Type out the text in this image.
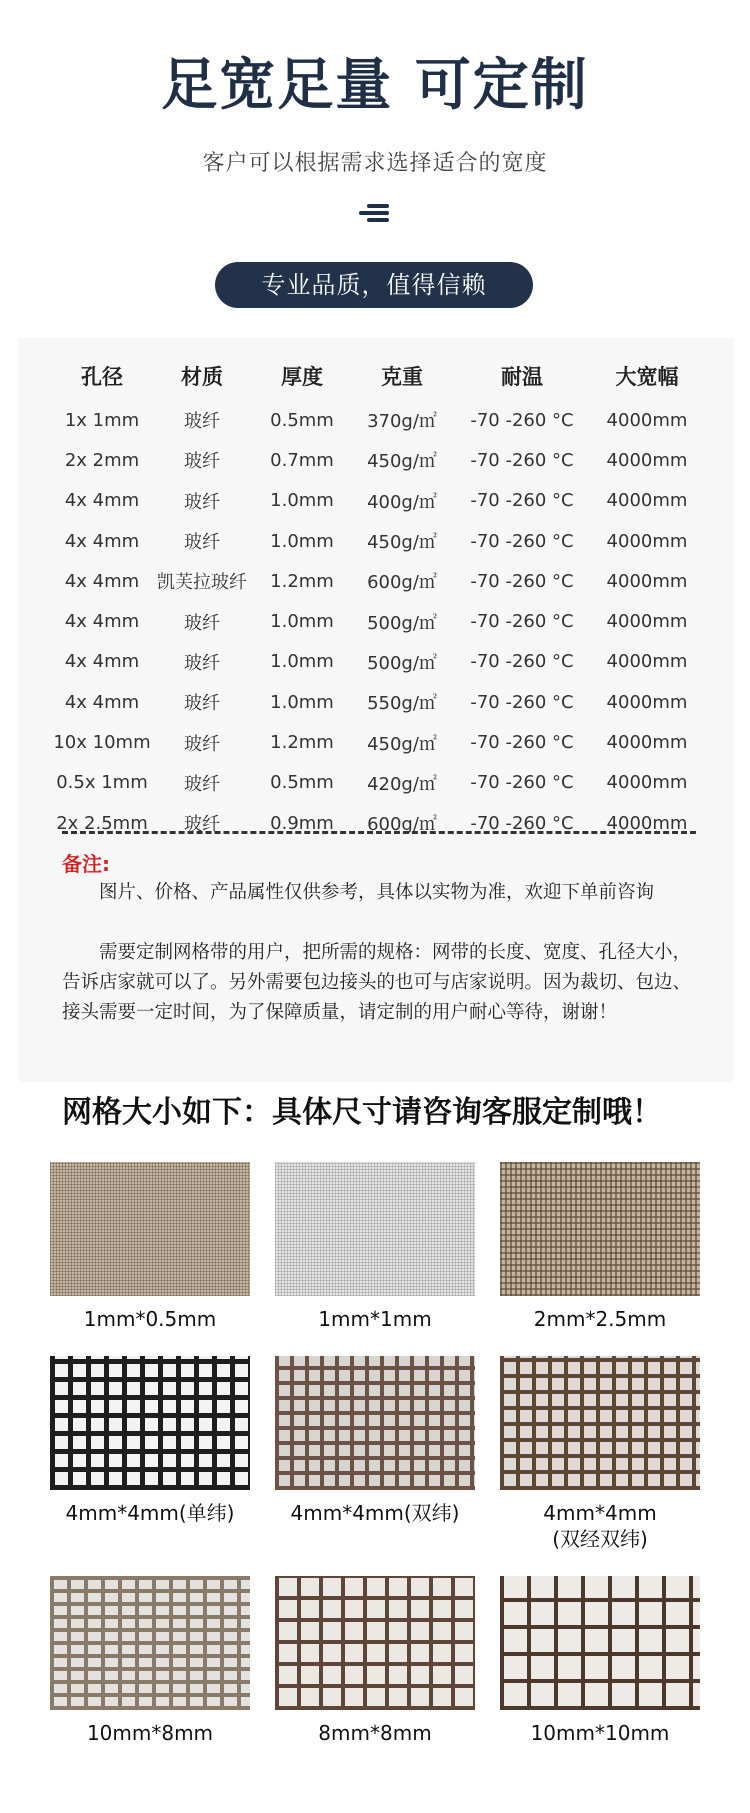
足宽足量 可定制
客户可以根据需求选择适合的宽度
专业品质，值得信赖
孔径	材质	厚度	克重	耐温	大宽幅
1x 1mm	玻纤	0.5mm	370g/㎡	-70 -260 °C	4000mm
2x 2mm	玻纤	0.7mm	450g/㎡	-70 -260 °C	4000mm
4x 4mm	玻纤	1.0mm	400g/㎡	-70 -260 °C	4000mm
4x 4mm	玻纤	1.0mm	450g/㎡	-70 -260 °C	4000mm
4x 4mm	凯芙拉玻纤	1.2mm	600g/㎡	-70 -260 °C	4000mm
4x 4mm	玻纤	1.0mm	500g/㎡	-70 -260 °C	4000mm
4x 4mm	玻纤	1.0mm	500g/㎡	-70 -260 °C	4000mm
4x 4mm	玻纤	1.0mm	550g/㎡	-70 -260 °C	4000mm
10x 10mm	玻纤	1.2mm	450g/㎡	-70 -260 °C	4000mm
0.5x 1mm	玻纤	0.5mm	420g/㎡	-70 -260 °C	4000mm
2x 2.5mm	玻纤	0.9mm	600g/㎡	-70 -260 °C	4000mm
备注:

图片、价格、产品属性仅供参考，具体以实物为准，欢迎下单前咨询

需要定制网格带的用户，把所需的规格：网带的长度、宽度、孔径大小，告诉店家就可以了。另外需要包边接头的也可与店家说明。因为裁切、包边、接头需要一定时间，为了保障质量，请定制的用户耐心等待，谢谢！

网格大小如下：具体尺寸请咨询客服定制哦！
1mm*0.5mm	1mm*1mm	2mm*2.5mm
4mm*4mm(单纬)	4mm*4mm(双纬)	4mm*4mm
(双经双纬)
10mm*8mm	8mm*8mm	10mm*10mm
